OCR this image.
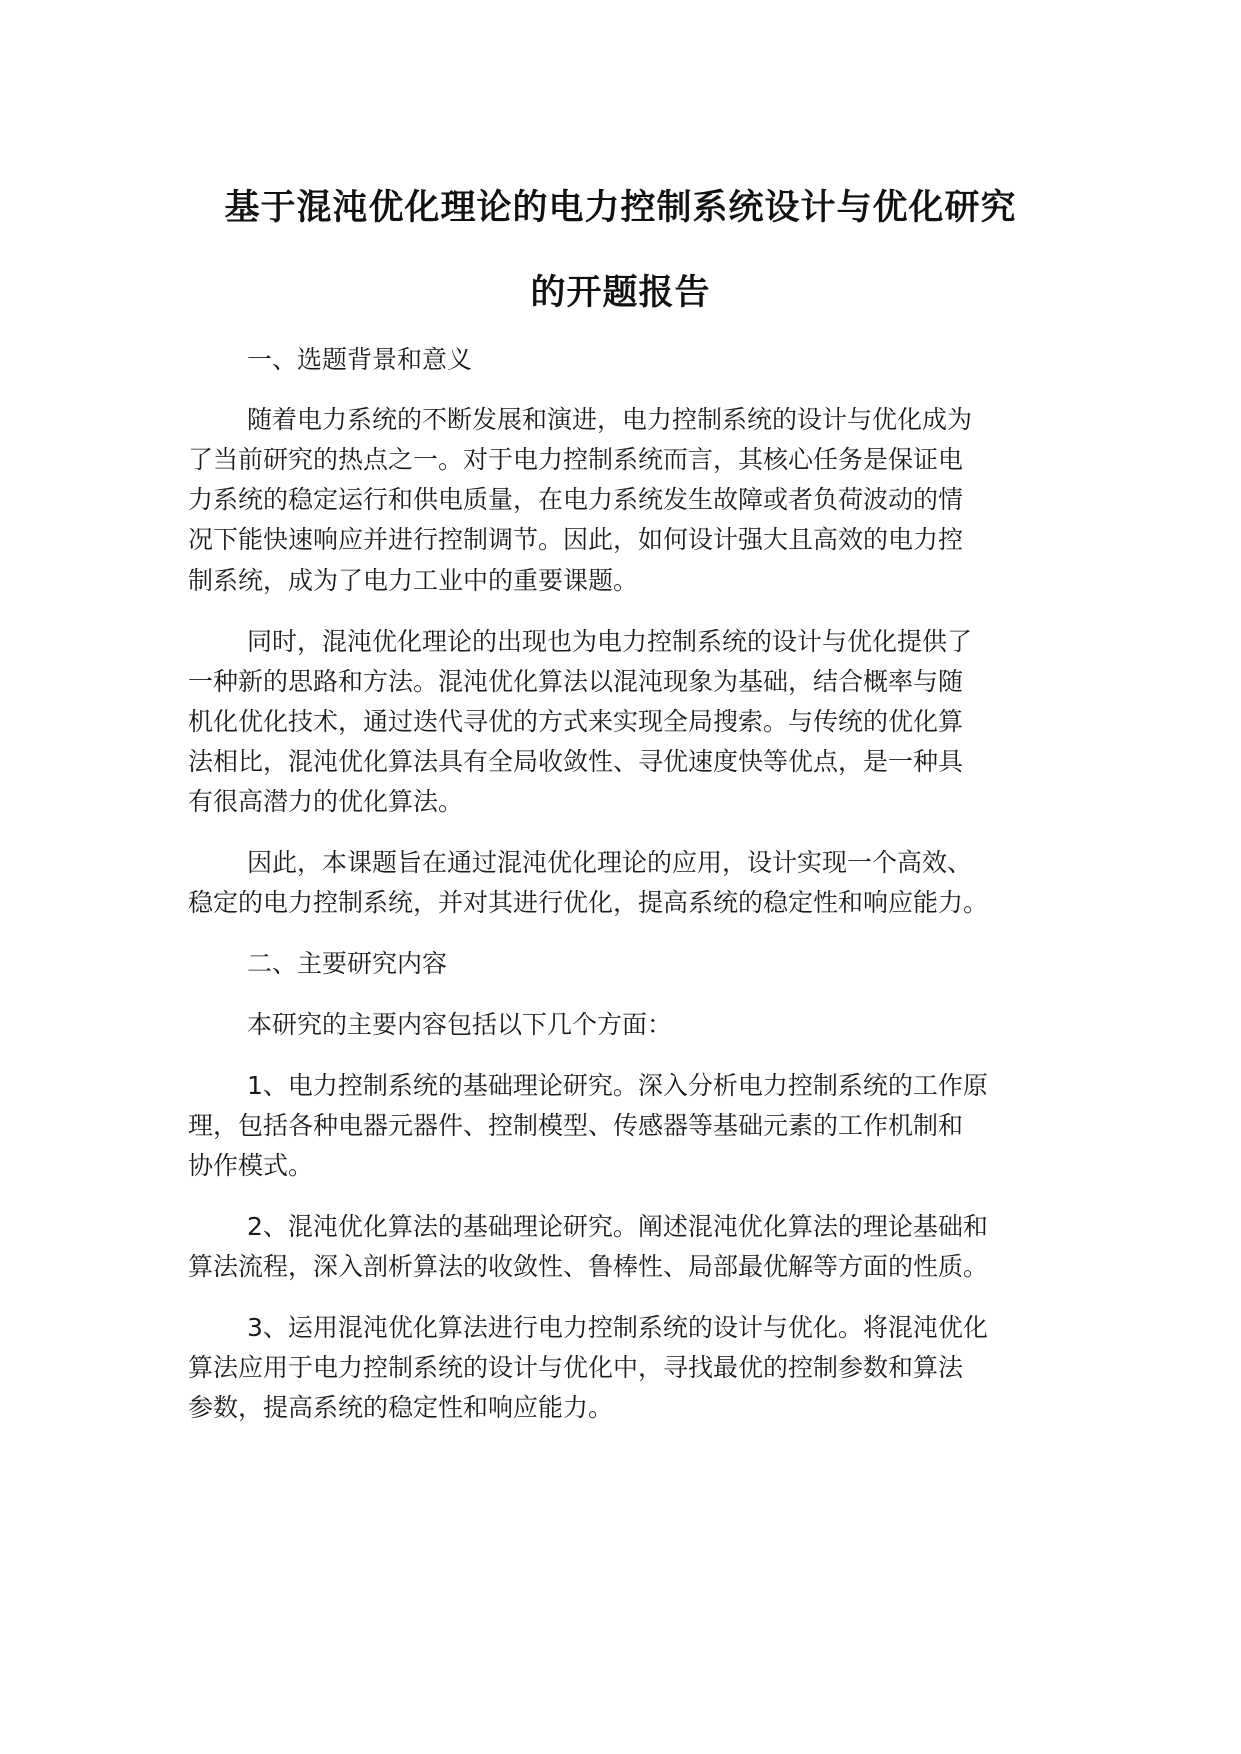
基于混沌优化理论的电力控制系统设计与优化研究
的开题报告

一、选题背景和意义

随着电力系统的不断发展和演进，电力控制系统的设计与优化成为

了当前研究的热点之一。对于电力控制系统而言，其核心任务是保证电

力系统的稳定运行和供电质量，在电力系统发生故障或者负荷波动的情

况下能快速响应并进行控制调节。因此，如何设计强大且高效的电力控

制系统，成为了电力工业中的重要课题。

同时，混沌优化理论的出现也为电力控制系统的设计与优化提供了

一种新的思路和方法。混沌优化算法以混沌现象为基础，结合概率与随

机化优化技术，通过迭代寻优的方式来实现全局搜索。与传统的优化算

法相比，混沌优化算法具有全局收敛性、寻优速度快等优点，是一种具

有很高潜力的优化算法。

因此，本课题旨在通过混沌优化理论的应用，设计实现一个高效、

稳定的电力控制系统，并对其进行优化，提高系统的稳定性和响应能力。

二、主要研究内容

本研究的主要内容包括以下几个方面：

1、电力控制系统的基础理论研究。深入分析电力控制系统的工作原

理，包括各种电器元器件、控制模型、传感器等基础元素的工作机制和

协作模式。

2、混沌优化算法的基础理论研究。阐述混沌优化算法的理论基础和

算法流程，深入剖析算法的收敛性、鲁棒性、局部最优解等方面的性质。

3、运用混沌优化算法进行电力控制系统的设计与优化。将混沌优化

算法应用于电力控制系统的设计与优化中，寻找最优的控制参数和算法

参数，提高系统的稳定性和响应能力。
